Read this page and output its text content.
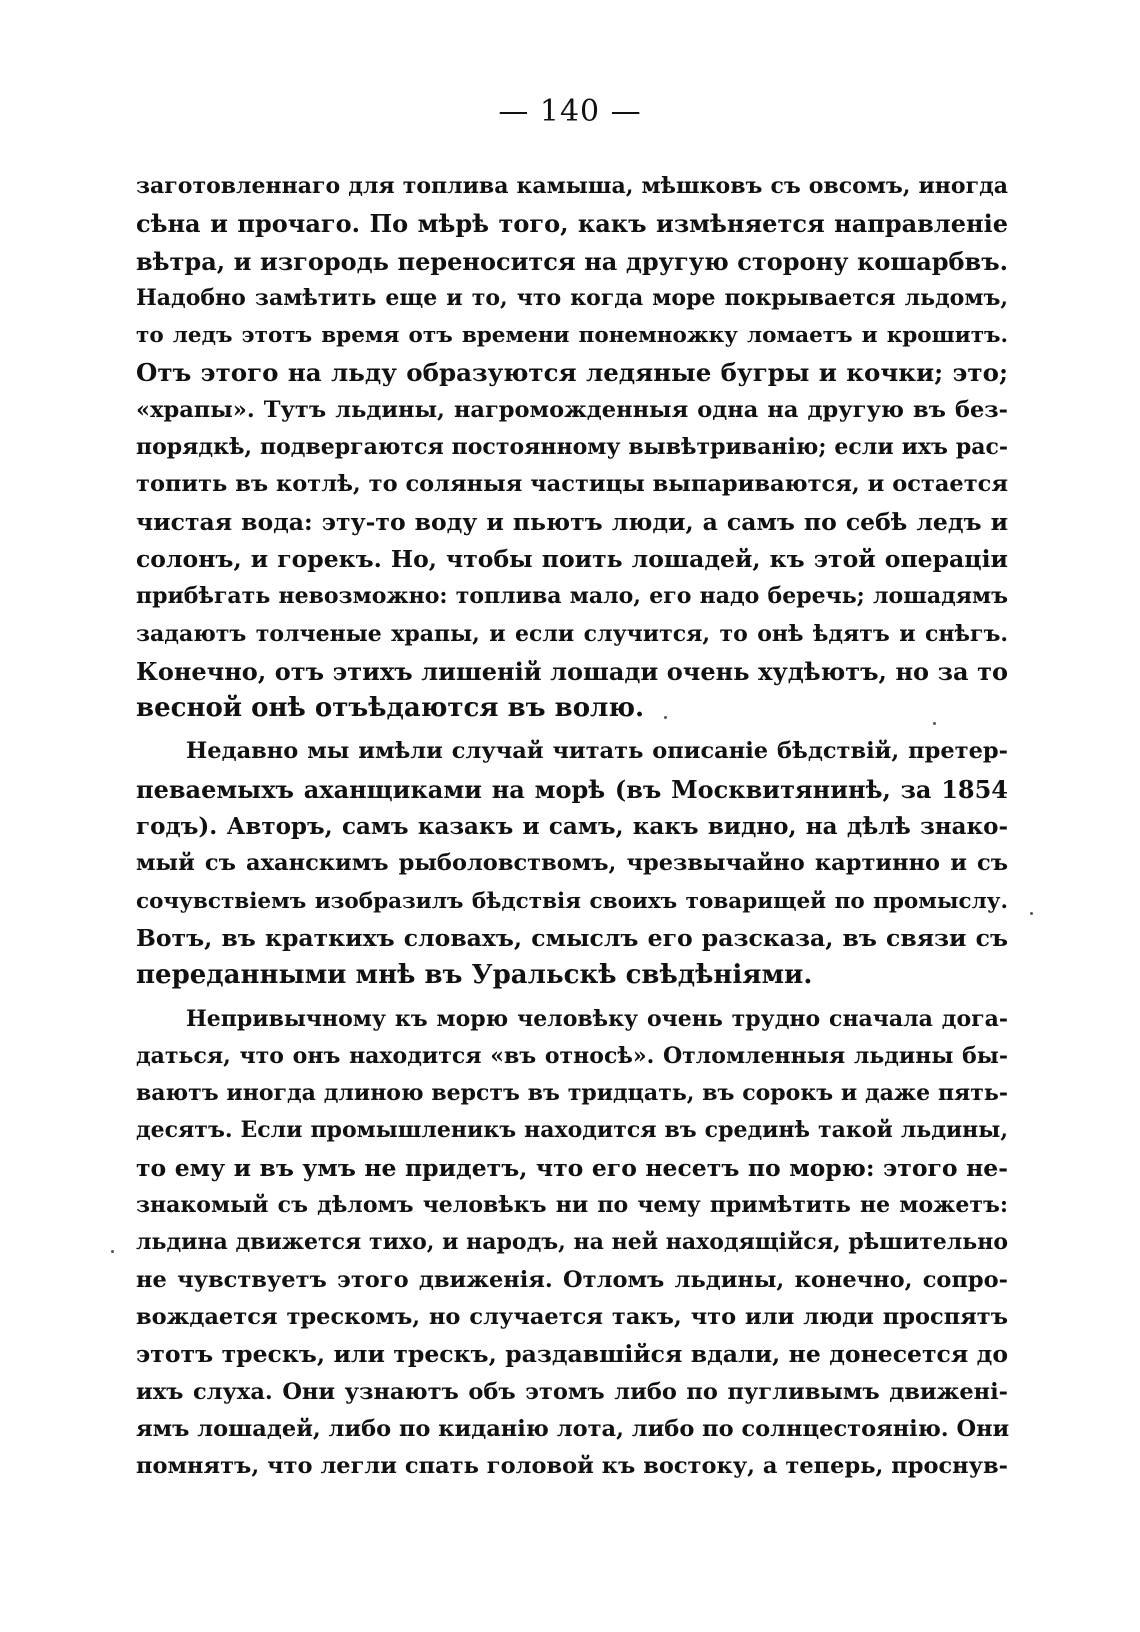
— 140 —
заготовленнаго для топлива камыша, мѣшковъ съ овсомъ, иногда
сѣна и прочаго. По мѣрѣ того, какъ измѣняется направленіе
вѣтра, и изгородь переносится на другую сторону кошарбвъ.
Надобно замѣтить еще и то, что когда море покрывается льдомъ,
то ледъ этотъ время отъ времени понемножку ломаетъ и крошитъ.
Отъ этого на льду образуются ледяные бугры и кочки; это;
«храпы». Тутъ льдины, нагроможденныя одна на другую въ без-
порядкѣ, подвергаются постоянному вывѣтриванію; если ихъ рас-
топить въ котлѣ, то соляныя частицы выпариваются, и остается
чистая вода: эту-то воду и пьютъ люди, а самъ по себѣ ледъ и
солонъ, и горекъ. Но, чтобы поить лошадей, къ этой операціи
прибѣгать невозможно: топлива мало, его надо беречь; лошадямъ
задаютъ толченые храпы, и если случится, то онѣ ѣдятъ и снѣгъ.
Конечно, отъ этихъ лишеній лошади очень худѣютъ, но за то
весной онѣ отъѣдаются въ волю.
Недавно мы имѣли случай читать описаніе бѣдствій, претер-
певаемыхъ аханщиками на морѣ (въ Москвитянинѣ, за 1854
годъ). Авторъ, самъ казакъ и самъ, какъ видно, на дѣлѣ знако-
мый съ аханскимъ рыболовствомъ, чрезвычайно картинно и съ
сочувствіемъ изобразилъ бѣдствія своихъ товарищей по промыслу.
Вотъ, въ краткихъ словахъ, смыслъ его разсказа, въ связи съ
переданными мнѣ въ Уральскѣ свѣдѣніями.
Непривычному къ морю человѣку очень трудно сначала дога-
даться, что онъ находится «въ относѣ». Отломленныя льдины бы-
ваютъ иногда длиною верстъ въ тридцать, въ сорокъ и даже пять-
десятъ. Если промышленикъ находится въ срединѣ такой льдины,
то ему и въ умъ не придетъ, что его несетъ по морю: этого не-
знакомый съ дѣломъ человѣкъ ни по чему примѣтить не можетъ:
льдина движется тихо, и народъ, на ней находящійся, рѣшительно
не чувствуетъ этого движенія. Отломъ льдины, конечно, сопро-
вождается трескомъ, но случается такъ, что или люди проспятъ
этотъ трескъ, или трескъ, раздавшійся вдали, не донесется до
ихъ слуха. Они узнаютъ объ этомъ либо по пугливымъ движені-
ямъ лошадей, либо по киданію лота, либо по солнцестоянію. Они
помнятъ, что легли спать головой къ востоку, а теперь, проснув-
